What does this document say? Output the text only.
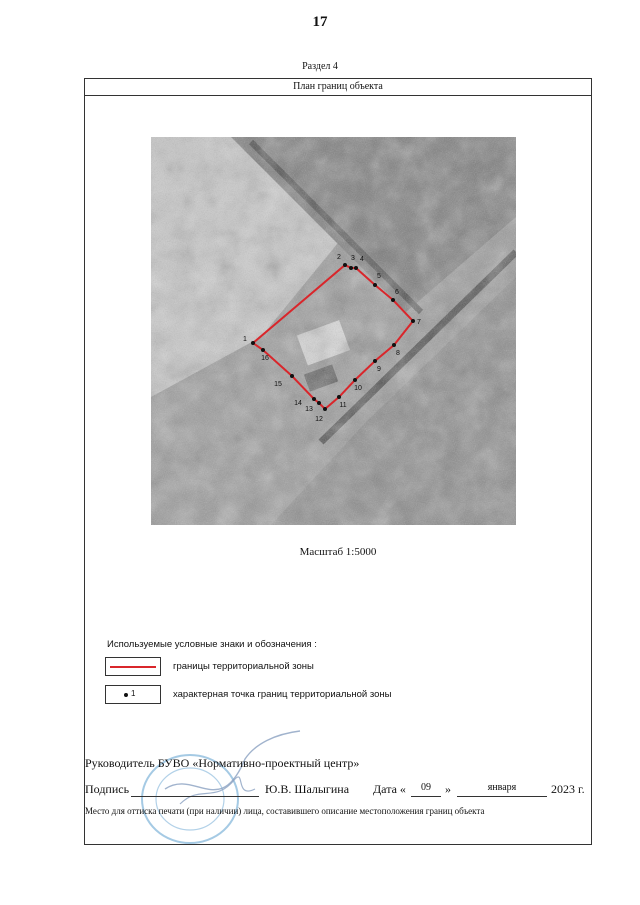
17
Раздел 4
План границ объекта
1
2 3 4
5
6
7
8
9
10
11
12
13
14
15
16
Масштаб 1:5000
Используемые условные знаки и обозначения :
границы территориальной зоны
1	характерная точка границ территориальной зоны
Руководитель БУВО «Нормативно-проектный центр»
Подпись	Ю.В. Шалыгина Дата «	09	»	января	2023 г.
Место для оттиска печати (при наличии) лица, составившего описание местоположения границ объекта
